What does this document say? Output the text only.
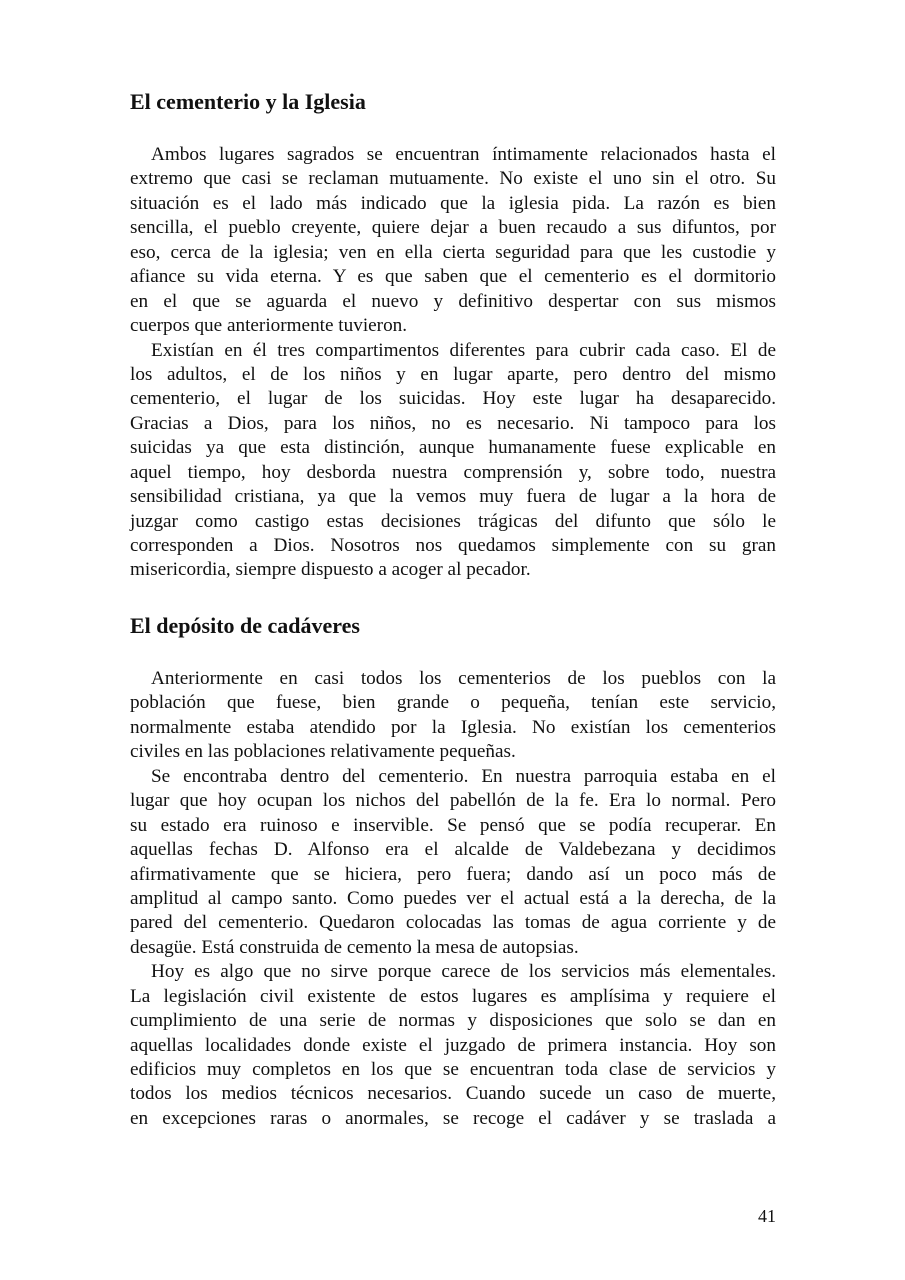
El cementerio y la Iglesia
Ambos lugares sagrados se encuentran íntimamente relacionados hasta el
extremo que casi se reclaman mutuamente. No existe el uno sin el otro. Su
situación es el lado más indicado que la iglesia pida. La razón es bien
sencilla, el pueblo creyente, quiere dejar a buen recaudo a sus difuntos, por
eso, cerca de la iglesia; ven en ella cierta seguridad para que les custodie y
afiance su vida eterna. Y es que saben que el cementerio es el dormitorio
en el que se aguarda el nuevo y definitivo despertar con sus mismos
cuerpos que anteriormente tuvieron.
Existían en él tres compartimentos diferentes para cubrir cada caso. El de
los adultos, el de los niños y en lugar aparte, pero dentro del mismo
cementerio, el lugar de los suicidas. Hoy este lugar ha desaparecido.
Gracias a Dios, para los niños, no es necesario. Ni tampoco para los
suicidas ya que esta distinción, aunque humanamente fuese explicable en
aquel tiempo, hoy desborda nuestra comprensión y, sobre todo, nuestra
sensibilidad cristiana, ya que la vemos muy fuera de lugar a la hora de
juzgar como castigo estas decisiones trágicas del difunto que sólo le
corresponden a Dios. Nosotros nos quedamos simplemente con su gran
misericordia, siempre dispuesto a acoger al pecador.
El depósito de cadáveres
Anteriormente en casi todos los cementerios de los pueblos con la
población que fuese, bien grande o pequeña, tenían este servicio,
normalmente estaba atendido por la Iglesia. No existían los cementerios
civiles en las poblaciones relativamente pequeñas.
Se encontraba dentro del cementerio. En nuestra parroquia estaba en el
lugar que hoy ocupan los nichos del pabellón de la fe. Era lo normal. Pero
su estado era ruinoso e inservible. Se pensó que se podía recuperar. En
aquellas fechas D. Alfonso era el alcalde de Valdebezana y decidimos
afirmativamente que se hiciera, pero fuera; dando así un poco más de
amplitud al campo santo. Como puedes ver el actual está a la derecha, de la
pared del cementerio. Quedaron colocadas las tomas de agua corriente y de
desagüe. Está construida de cemento la mesa de autopsias.
Hoy es algo que no sirve porque carece de los servicios más elementales.
La legislación civil existente de estos lugares es amplísima y requiere el
cumplimiento de una serie de normas y disposiciones que solo se dan en
aquellas localidades donde existe el juzgado de primera instancia. Hoy son
edificios muy completos en los que se encuentran toda clase de servicios y
todos los medios técnicos necesarios. Cuando sucede un caso de muerte,
en excepciones raras o anormales, se recoge el cadáver y se traslada a
41
